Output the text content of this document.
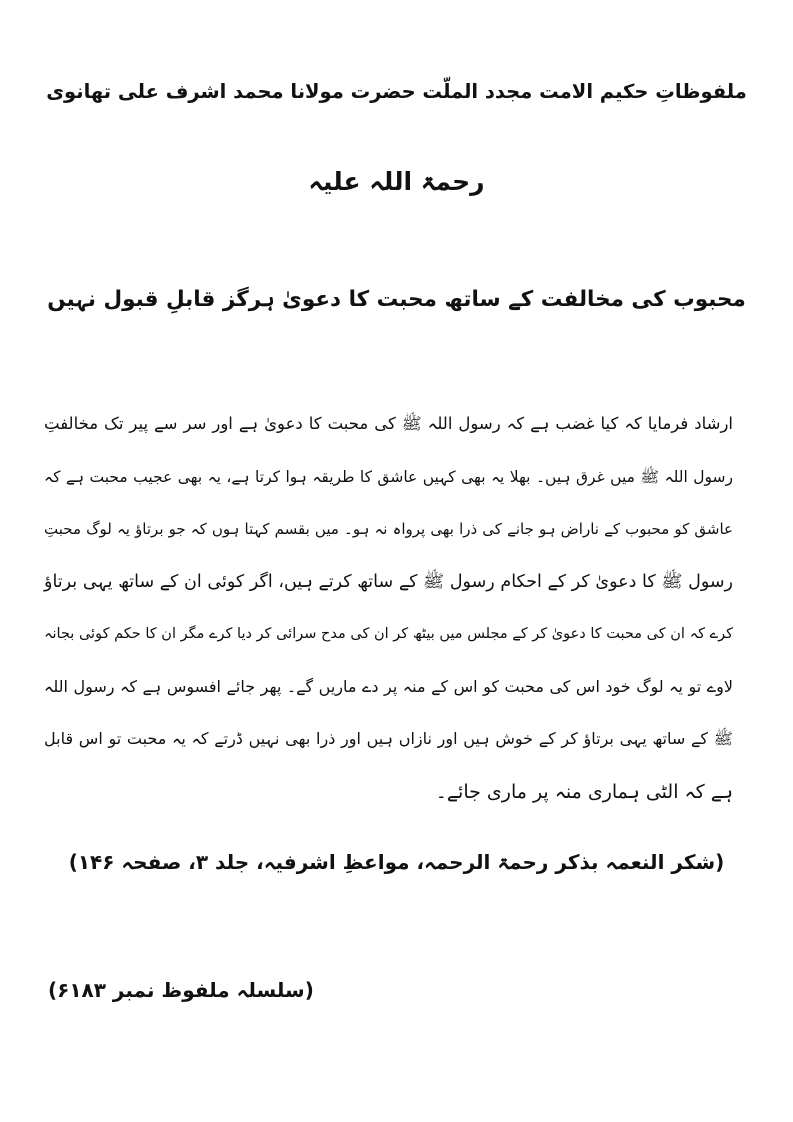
ملفوظاتِ حکیم الامت مجدد الملّت حضرت مولانا محمد اشرف علی تھانوی
رحمۃ اللہ علیہ
محبوب کی مخالفت کے ساتھ محبت کا دعویٰ ہرگز قابلِ قبول نہیں
ارشاد فرمایا کہ کیا غضب ہے کہ رسول اللہ ﷺ کی محبت کا دعویٰ ہے اور سر سے پیر تک مخالفتِ
رسول اللہ ﷺ میں غرق ہیں۔ بھلا یہ بھی کہیں عاشق کا طریقہ ہوا کرتا ہے، یہ بھی عجیب محبت ہے کہ
عاشق کو محبوب کے ناراض ہو جانے کی ذرا بھی پرواہ نہ ہو۔ میں بقسم کہتا ہوں کہ جو برتاؤ یہ لوگ محبتِ
رسول ﷺ کا دعویٰ کر کے احکام رسول ﷺ کے ساتھ کرتے ہیں، اگر کوئی ان کے ساتھ یہی برتاؤ
کرے کہ ان کی محبت کا دعویٰ کر کے مجلس میں بیٹھ کر ان کی مدح سرائی کر دیا کرے مگر ان کا حکم کوئی بجانہ
لاوے تو یہ لوگ خود اس کی محبت کو اس کے منہ پر دے ماریں گے۔ پھر جائے افسوس ہے کہ رسول اللہ
ﷺ کے ساتھ یہی برتاؤ کر کے خوش ہیں اور نازاں ہیں اور ذرا بھی نہیں ڈرتے کہ یہ محبت تو اس قابل
ہے کہ الٹی ہماری منہ پر ماری جائے۔
(شکر النعمہ بذکر رحمۃ الرحمہ، مواعظِ اشرفیہ، جلد ۳، صفحہ ۱۴۶)
(سلسلہ ملفوظ نمبر ۶۱۸۳)
